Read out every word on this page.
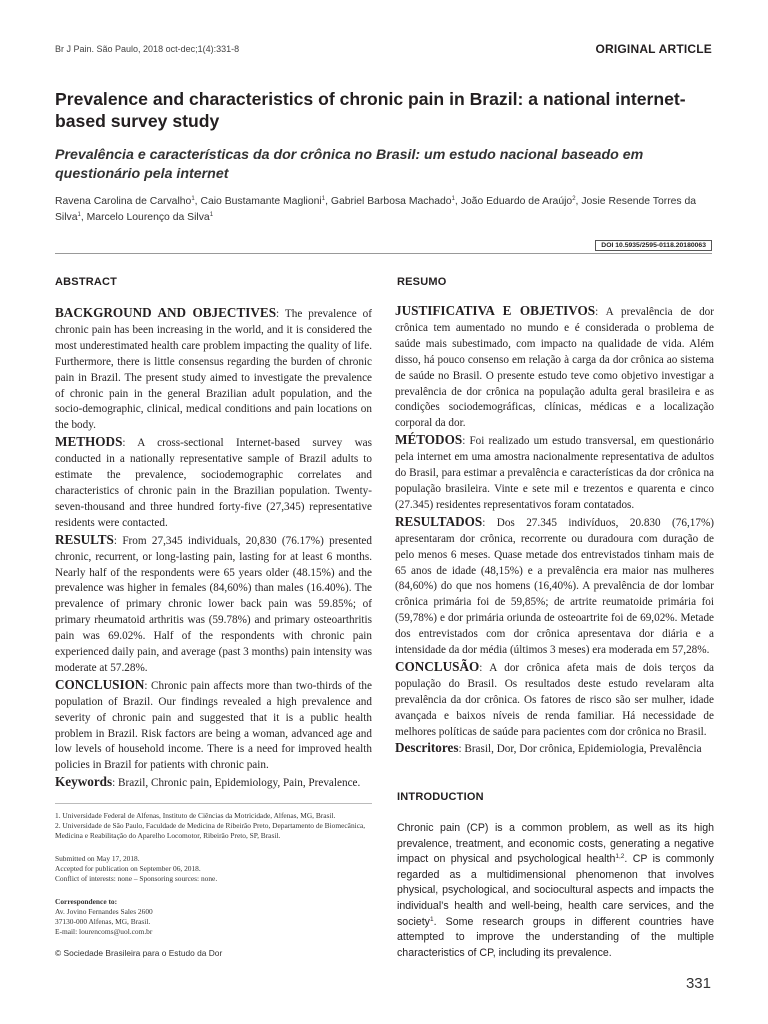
Br J Pain. São Paulo, 2018 oct-dec;1(4):331-8	ORIGINAL ARTICLE
Prevalence and characteristics of chronic pain in Brazil: a national internet-based survey study
Prevalência e características da dor crônica no Brasil: um estudo nacional baseado em questionário pela internet
Ravena Carolina de Carvalho$^1$, Caio Bustamante Maglioni$^1$, Gabriel Barbosa Machado$^1$, João Eduardo de Araújo$^2$, Josie Resende Torres da Silva$^1$, Marcelo Lourenço da Silva$^1$
DOI 10.5935/2595-0118.20180063
ABSTRACT	RESUMO

BACKGROUND AND OBJECTIVES: The prevalence of chronic pain has been increasing in the world, and it is considered the most underestimated health care problem impacting the quality of life. Furthermore, there is little consensus regarding the burden of chronic pain in Brazil. The present study aimed to investigate the prevalence of chronic pain in the general Brazilian adult population, and the socio-demographic, clinical, medical conditions and pain locations on the body.

METHODS: A cross-sectional Internet-based survey was conducted in a nationally representative sample of Brazil adults to estimate the prevalence, sociodemographic correlates and characteristics of chronic pain in the Brazilian population. Twenty-seven-thousand and three hundred forty-five (27,345) representative residents were contacted.

RESULTS: From 27,345 individuals, 20,830 (76.17%) presented chronic, recurrent, or long-lasting pain, lasting for at least 6 months. Nearly half of the respondents were 65 years older (48.15%) and the prevalence was higher in females (84,60%) than males (16.40%). The prevalence of primary chronic lower back pain was 59.85%; of primary rheumatoid arthritis was (59.78%) and primary osteoarthritis pain was 69.02%. Half of the respondents with chronic pain experienced daily pain, and average (past 3 months) pain intensity was moderate at 57.28%.

CONCLUSION: Chronic pain affects more than two-thirds of the population of Brazil. Our findings revealed a high prevalence and severity of chronic pain and suggested that it is a public health problem in Brazil. Risk factors are being a woman, advanced age and low levels of household income. There is a need for improved health policies in Brazil for patients with chronic pain.

Keywords: Brazil, Chronic pain, Epidemiology, Pain, Prevalence.

JUSTIFICATIVA E OBJETIVOS: A prevalência de dor crônica tem aumentado no mundo e é considerada o problema de saúde mais subestimado, com impacto na qualidade de vida. Além disso, há pouco consenso em relação à carga da dor crônica ao sistema de saúde no Brasil. O presente estudo teve como objetivo investigar a prevalência de dor crônica na população adulta geral brasileira e as condições sociodemográficas, clínicas, médicas e a localização corporal da dor.

MÉTODOS: Foi realizado um estudo transversal, em questionário pela internet em uma amostra nacionalmente representativa de adultos do Brasil, para estimar a prevalência e características da dor crônica na população brasileira. Vinte e sete mil e trezentos e quarenta e cinco (27.345) residentes representativos foram contatados.

RESULTADOS: Dos 27.345 indivíduos, 20.830 (76,17%) apresentaram dor crônica, recorrente ou duradoura com duração de pelo menos 6 meses. Quase metade dos entrevistados tinham mais de 65 anos de idade (48,15%) e a prevalência era maior nas mulheres (84,60%) do que nos homens (16,40%). A prevalência de dor lombar crônica primária foi de 59,85%; de artrite reumatoide primária foi (59,78%) e dor primária oriunda de osteoartrite foi de 69,02%. Metade dos entrevistados com dor crônica apresentava dor diária e a intensidade da dor média (últimos 3 meses) era moderada em 57,28%.

CONCLUSÃO: A dor crônica afeta mais de dois terços da população do Brasil. Os resultados deste estudo revelaram alta prevalência da dor crônica. Os fatores de risco são ser mulher, idade avançada e baixos níveis de renda familiar. Há necessidade de melhores políticas de saúde para pacientes com dor crônica no Brasil.

Descritores: Brasil, Dor, Dor crônica, Epidemiologia, Prevalência

1. Universidade Federal de Alfenas, Instituto de Ciências da Motricidade, Alfenas, MG, Brasil.

2. Universidade de São Paulo, Faculdade de Medicina de Ribeirão Preto, Departamento de Biomecânica, Medicina e Reabilitação do Aparelho Locomotor, Ribeirão Preto, SP, Brasil.

Submitted on May 17, 2018.

Accepted for publication on September 06, 2018.

Conflict of interests: none – Sponsoring sources: none.

Correspondence to:

Av. Jovino Fernandes Sales 2600

37130-000 Alfenas, MG, Brasil.

E-mail: lourencoms@uol.com.br

© Sociedade Brasileira para o Estudo da Dor
INTRODUCTION

Chronic pain (CP) is a common problem, as well as its high prevalence, treatment, and economic costs, generating a negative impact on physical and psychological health$^{1,2}$. CP is commonly regarded as a multidimensional phenomenon that involves physical, psychological, and sociocultural aspects and impacts the individual’s health and well-being, health care services, and the society$^1$. Some research groups in different countries have attempted to improve the understanding of the multiple characteristics of CP, including its prevalence.

331
